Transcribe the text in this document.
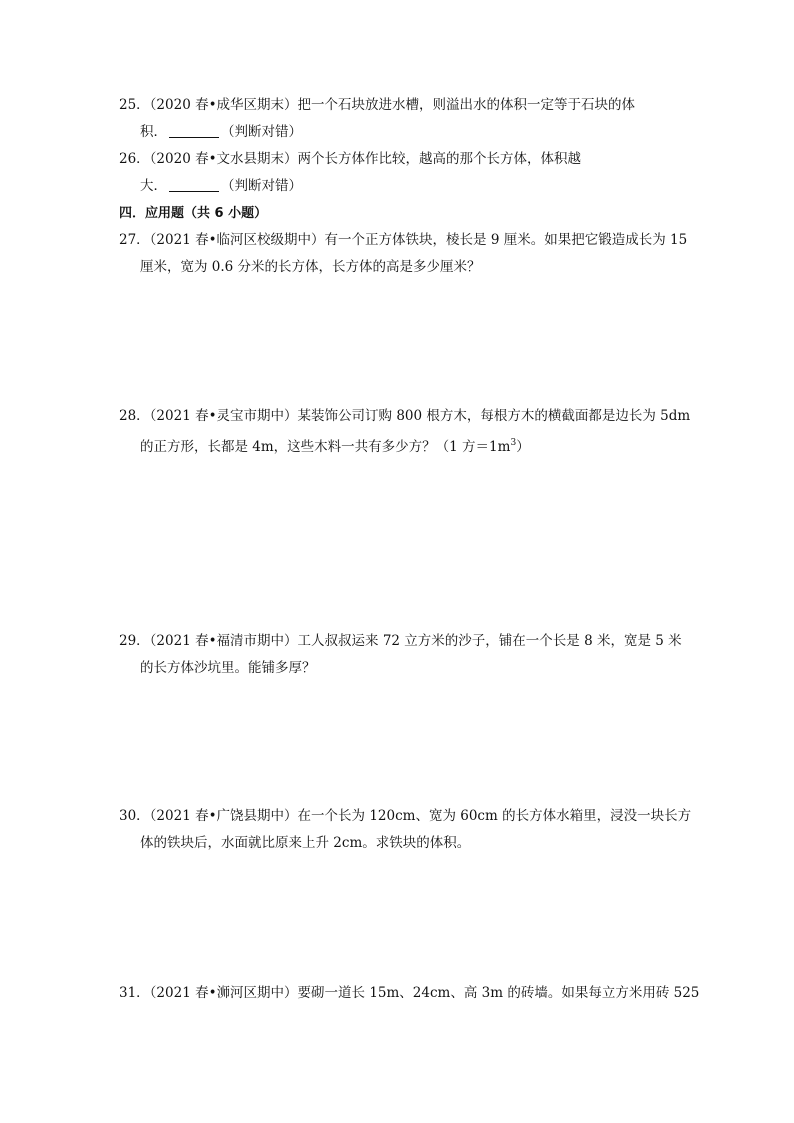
25．（2020 春•成华区期末）把一个石块放进水槽，则溢出水的体积一定等于石块的体
积．	（判断对错）
26．（2020 春•文水县期末）两个长方体作比较，越高的那个长方体，体积越
大．	（判断对错）
四．应用题（共 6 小题）
27．（2021 春•临河区校级期中）有一个正方体铁块，棱长是 9 厘米。如果把它锻造成长为 15
厘米，宽为 0.6 分米的长方体，长方体的高是多少厘米？
28．（2021 春•灵宝市期中）某装饰公司订购 800 根方木，每根方木的横截面都是边长为 5dm
的正方形，长都是 4m，这些木料一共有多少方？（1 方$=1m^3$）
29．（2021 春•福清市期中）工人叔叔运来 72 立方米的沙子，铺在一个长是 8 米，宽是 5 米
的长方体沙坑里。能铺多厚？
30．（2021 春•广饶县期中）在一个长为 120cm、宽为 60cm 的长方体水箱里，浸没一块长方
体的铁块后，水面就比原来上升 2cm。求铁块的体积。
31．（2021 春•浉河区期中）要砌一道长 15m、24cm、高 3m 的砖墙。如果每立方米用砖 525
